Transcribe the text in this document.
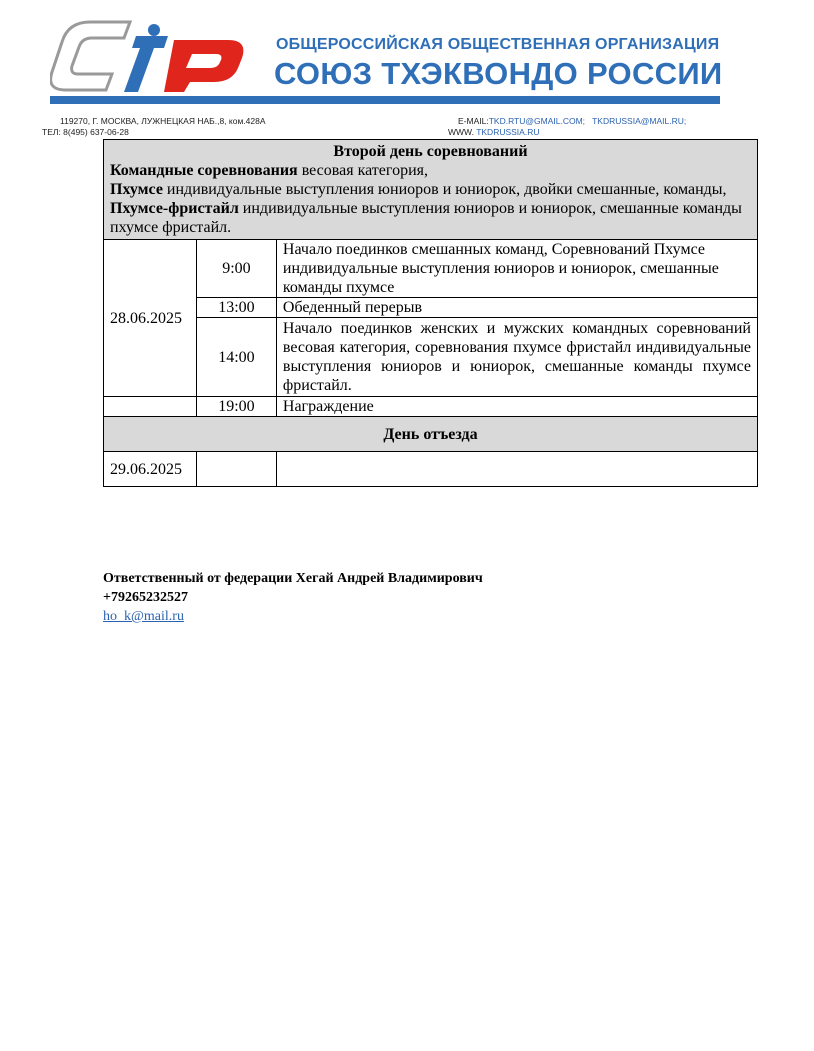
ОБЩЕРОССИЙСКАЯ ОБЩЕСТВЕННАЯ ОРГАНИЗАЦИЯ
СОЮЗ ТХЭКВОНДО РОССИИ
119270, Г. МОСКВА, ЛУЖНЕЦКАЯ НАБ.,8, ком.428А
ТЕЛ: 8(495) 637-06-28
E-MAIL:TKD.RTU@GMAIL.COM; TKDRUSSIA@MAIL.RU;
WWW. TKDRUSSIA.RU
Второй день соревнований
Командные соревнования весовая категория,
Пхумсе индивидуальные выступления юниоров и юниорок, двойки смешанные, команды,
Пхумсе-фристайл индивидуальные выступления юниоров и юниорок, смешанные команды пхумсе фристайл.		

28.06.2025	9:00	Начало поединков смешанных команд, Соревнований Пхумсе индивидуальные выступления юниоров и юниорок, смешанные команды пхумсе
	13:00	Обеденный перерыв
	14:00	Начало поединков женских и мужских командных соревнований весовая категория, соревнования пхумсе фристайл индивидуальные выступления юниоров и юниорок, смешанные команды пхумсе фристайл.
	19:00	Награждение
День отъезда		
29.06.2025		
Ответственный от федерации Хегай Андрей Владимирович
+79265232527
ho_k@mail.ru
